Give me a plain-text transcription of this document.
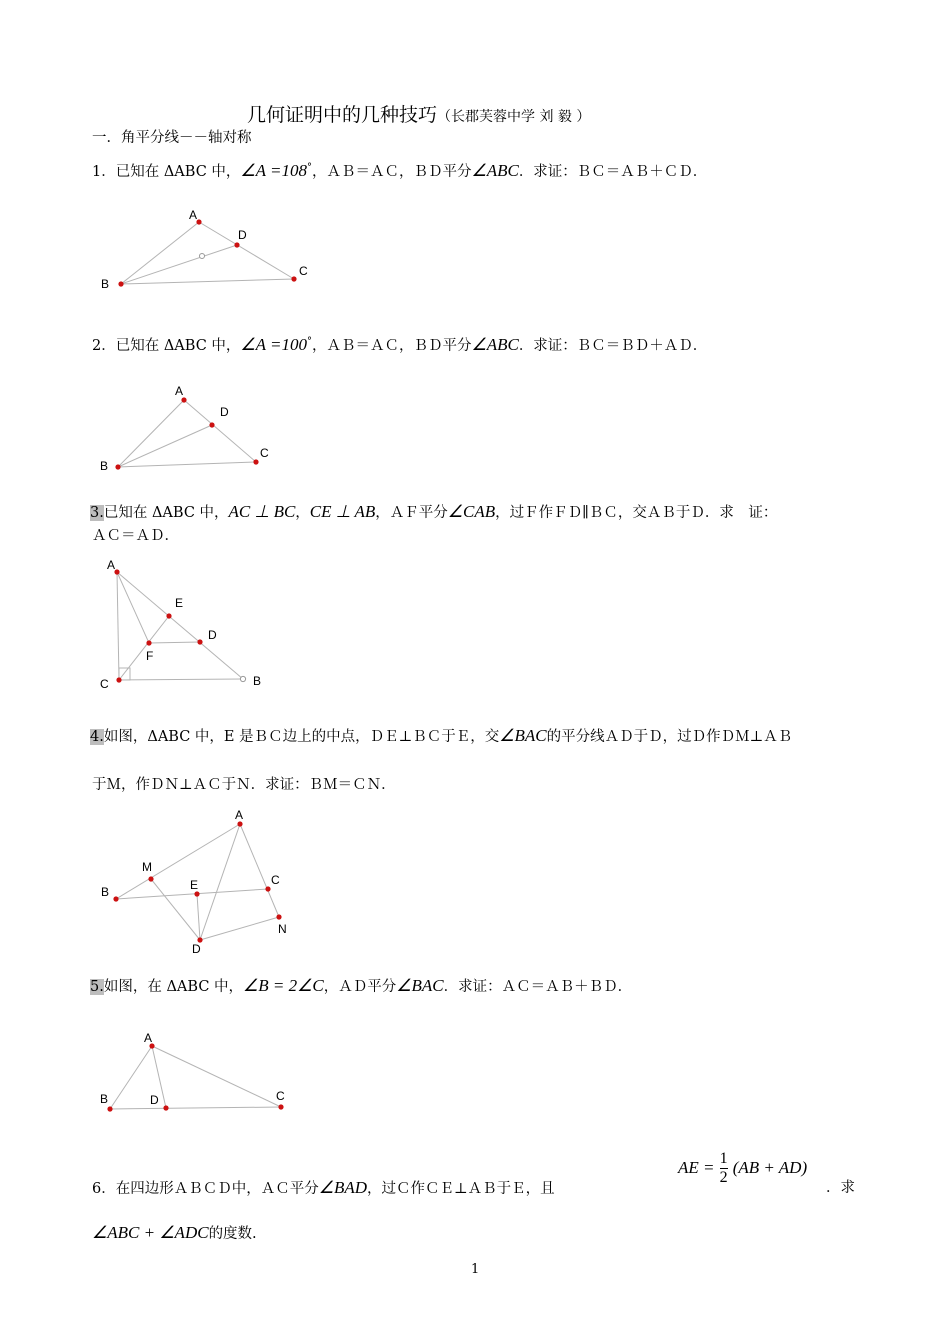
几何证明中的几种技巧（长郡芙蓉中学 刘 毅 ）
一．角平分线－－轴对称
1．已知在 ΔABC 中，∠A =108°，ＡＢ＝ＡＣ，ＢＤ平分∠ABC．求证：ＢＣ＝ＡＢ＋ＣＤ．
A
D
B
C
A
D
B
C
A
E
D
F
C	B
A
M
B	E	C
N
D
A
B	D	C
2．已知在 ΔABC 中，∠A =100°，ＡＢ＝ＡＣ，ＢＤ平分∠ABC．求证：ＢＣ＝ＢＤ＋ＡＤ．
3.已知在 ΔABC 中，AC ⊥ BC，CE ⊥ AB，ＡＦ平分∠CAB，过Ｆ作ＦＤ∥ＢＣ，交ＡＢ于Ｄ．求　证：
ＡＣ＝ＡＤ．
4.如图，ΔABC 中，E 是ＢＣ边上的中点，ＤＥ⊥ＢＣ于Ｅ，交∠BAC的平分线ＡＤ于Ｄ，过Ｄ作ＤＭ⊥ＡＢ
于Ｍ，作ＤＮ⊥ＡＣ于Ｎ．求证：ＢＭ＝ＣＮ．
5.如图，在 ΔABC 中，∠B = 2∠C，ＡＤ平分∠BAC．求证：ＡＣ＝ＡＢ＋ＢＤ．
6．在四边形ＡＢＣＤ中，ＡＣ平分∠BAD，过Ｃ作ＣＥ⊥ＡＢ于Ｅ，且
AE = $\frac{1}{2} (AB + AD)$
．求
∠ABC + ∠ADC的度数.
1
